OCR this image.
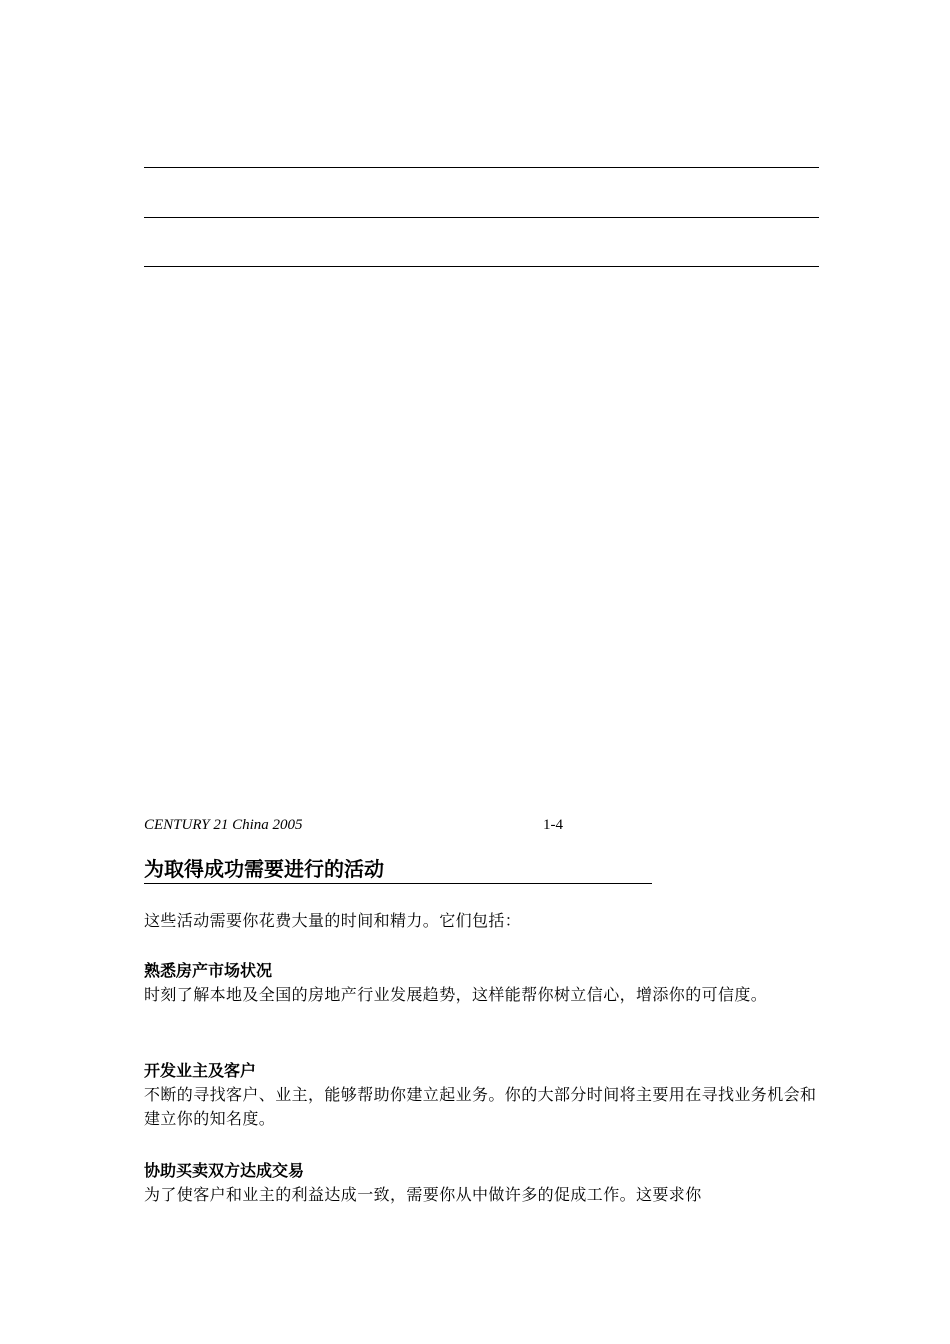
CENTURY 21 China 2005	1-4
为取得成功需要进行的活动
这些活动需要你花费大量的时间和精力。它们包括：
熟悉房产市场状况
时刻了解本地及全国的房地产行业发展趋势，这样能帮你树立信心，增添你的可信度。
开发业主及客户
不断的寻找客户、业主，能够帮助你建立起业务。你的大部分时间将主要用在寻找业务机会和建立你的知名度。
协助买卖双方达成交易
为了使客户和业主的利益达成一致，需要你从中做许多的促成工作。这要求你
